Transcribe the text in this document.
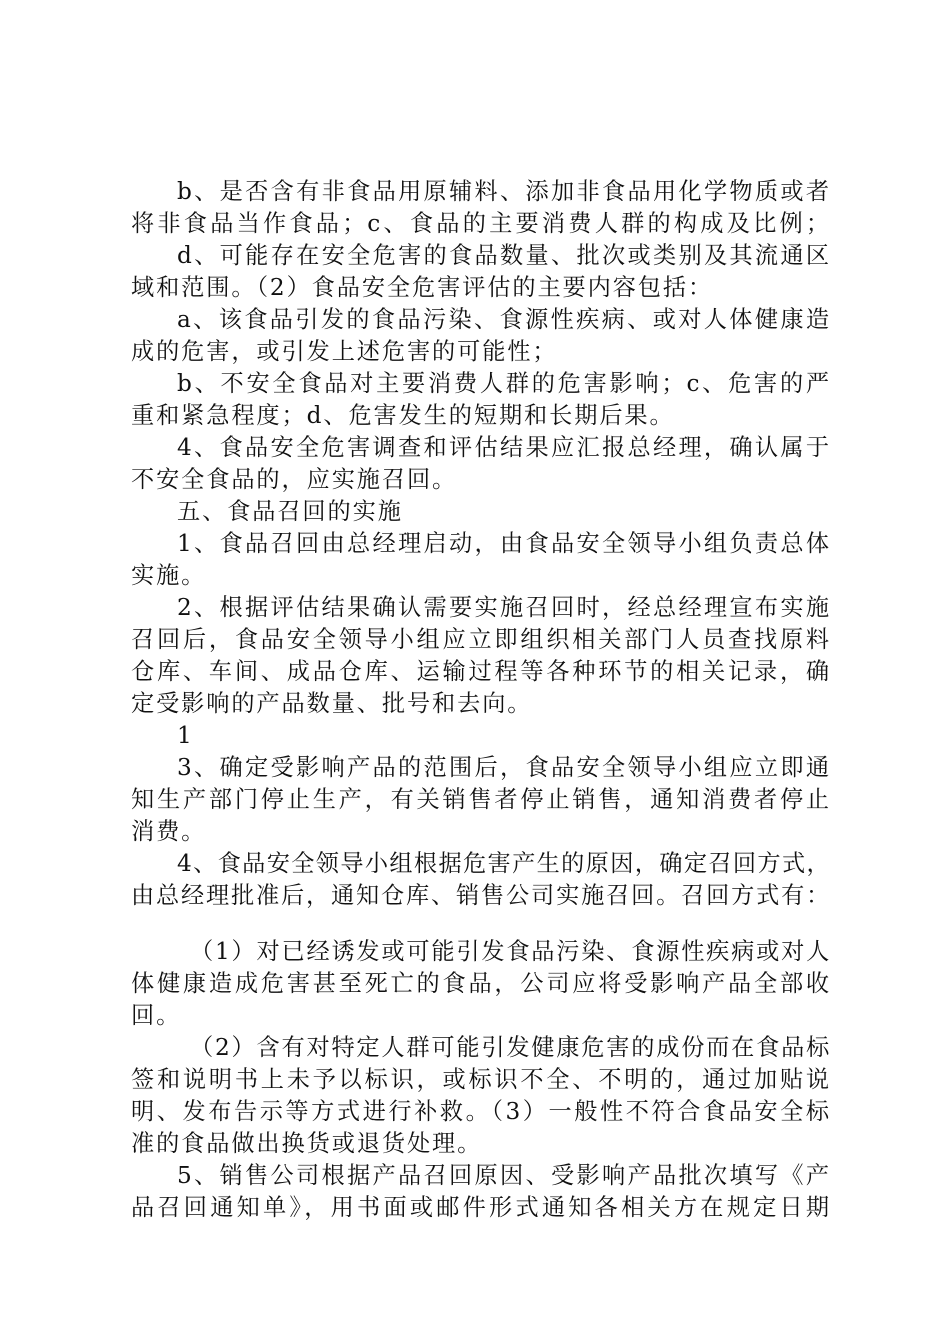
b、是否含有非食品用原辅料、添加非食品用化学物质或者

将非食品当作食品；c、食品的主要消费人群的构成及比例；

d、可能存在安全危害的食品数量、批次或类别及其流通区

域和范围。（2）食品安全危害评估的主要内容包括：

a、该食品引发的食品污染、食源性疾病、或对人体健康造

成的危害，或引发上述危害的可能性；

b、不安全食品对主要消费人群的危害影响；c、危害的严

重和紧急程度；d、危害发生的短期和长期后果。

4、食品安全危害调查和评估结果应汇报总经理，确认属于

不安全食品的，应实施召回。

五、食品召回的实施

1、食品召回由总经理启动，由食品安全领导小组负责总体

实施。

2、根据评估结果确认需要实施召回时，经总经理宣布实施

召回后，食品安全领导小组应立即组织相关部门人员查找原料

仓库、车间、成品仓库、运输过程等各种环节的相关记录，确

定受影响的产品数量、批号和去向。

1

3、确定受影响产品的范围后，食品安全领导小组应立即通

知生产部门停止生产，有关销售者停止销售，通知消费者停止

消费。

4、食品安全领导小组根据危害产生的原因，确定召回方式，

由总经理批准后，通知仓库、销售公司实施召回。召回方式有：

（1）对已经诱发或可能引发食品污染、食源性疾病或对人

体健康造成危害甚至死亡的食品，公司应将受影响产品全部收

回。

（2）含有对特定人群可能引发健康危害的成份而在食品标

签和说明书上未予以标识，或标识不全、不明的，通过加贴说

明、发布告示等方式进行补救。（3）一般性不符合食品安全标

准的食品做出换货或退货处理。

5、销售公司根据产品召回原因、受影响产品批次填写《产

品召回通知单》，用书面或邮件形式通知各相关方在规定日期
